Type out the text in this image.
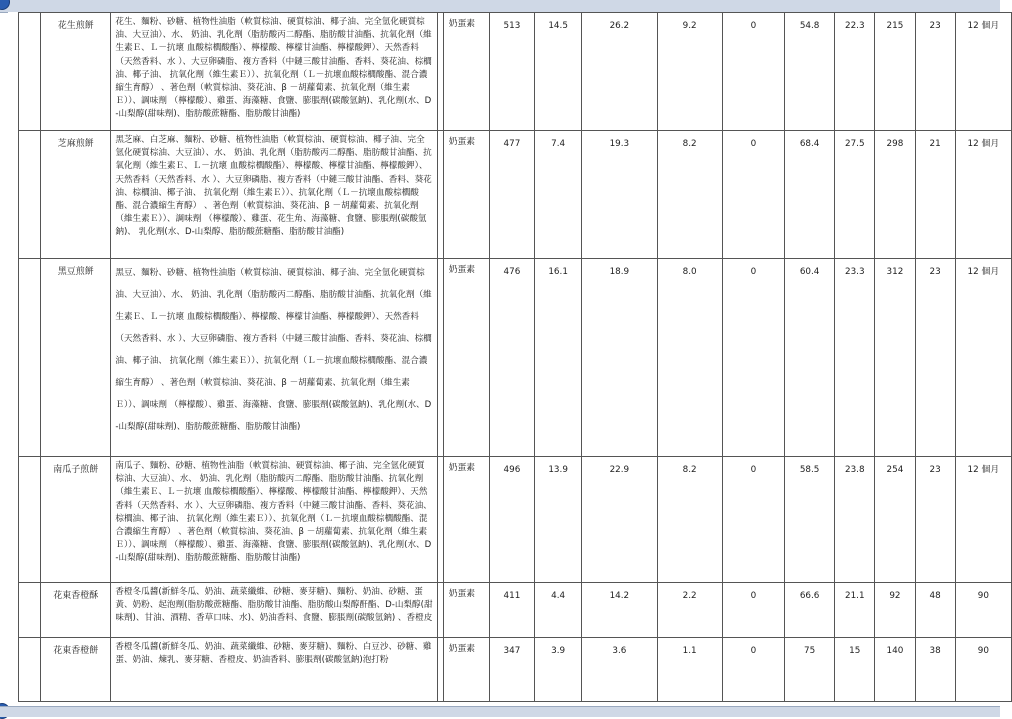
	花生煎餅	花生、麵粉、砂糖、植物性油脂（軟質棕油、硬質棕油、椰子油、完全氫化硬質棕油、大豆油）、水、 奶油、乳化劑（脂肪酸丙二醇酯、脂肪酸甘油酯、抗氧化劑（維生素Ｅ、Ｌ－抗壞 血酸棕櫚酸酯）、檸檬酸、檸檬甘油酯、檸檬酸鉀）、天然香料（天然香料、水 ）、大豆卵磷脂、複方香料（中鏈三酸甘油酯、香料、葵花油、棕櫚油、椰子油、 抗氧化劑（維生素Ｅ））、抗氧化劑（Ｌ－抗壞血酸棕櫚酸酯、混合濃縮生育醇） 、著色劑（軟質棕油、葵花油、β －胡蘿蔔素、抗氧化劑（維生素Ｅ））、調味劑 （檸檬酸）、雞蛋、海藻糖、食鹽、膨脹劑(碳酸氫鈉)、乳化劑(水、D-山梨醇(甜味劑)、脂肪酸蔗糖酯、脂肪酸甘油酯)		奶蛋素	513	14.5	26.2	9.2	0	54.8	22.3	215	23	12 個月
	芝麻煎餅	黑芝麻、白芝麻、麵粉、砂糖、植物性油脂（軟質棕油、硬質棕油、椰子油、完全氫化硬質棕油、大豆油）、水、 奶油、乳化劑（脂肪酸丙二醇酯、脂肪酸甘油酯、抗氧化劑（維生素Ｅ、Ｌ－抗壞 血酸棕櫚酸酯）、檸檬酸、檸檬甘油酯、檸檬酸鉀）、天然香料（天然香料、水 ）、大豆卵磷脂、複方香料（中鏈三酸甘油酯、香料、葵花油、棕櫚油、椰子油、 抗氧化劑（維生素Ｅ））、抗氧化劑（Ｌ－抗壞血酸棕櫚酸酯、混合濃縮生育醇） 、著色劑（軟質棕油、葵花油、β －胡蘿蔔素、抗氧化劑（維生素Ｅ））、調味劑 （檸檬酸）、雞蛋、花生角、海藻糖、食鹽、膨脹劑(碳酸氫鈉)、 乳化劑(水、D-山梨醇、脂肪酸蔗糖酯、脂肪酸甘油酯)		奶蛋素	477	7.4	19.3	8.2	0	68.4	27.5	298	21	12 個月
	黑豆煎餅	黑豆、麵粉、砂糖、植物性油脂（軟質棕油、硬質棕油、椰子油、完全氫化硬質棕油、大豆油）、水、 奶油、乳化劑（脂肪酸丙二醇酯、脂肪酸甘油酯、抗氧化劑（維生素Ｅ、Ｌ－抗壞 血酸棕櫚酸酯）、檸檬酸、檸檬甘油酯、檸檬酸鉀）、天然香料（天然香料、水 ）、大豆卵磷脂、複方香料（中鏈三酸甘油酯、香料、葵花油、棕櫚油、椰子油、 抗氧化劑（維生素Ｅ））、抗氧化劑（Ｌ－抗壞血酸棕櫚酸酯、混合濃縮生育醇） 、著色劑（軟質棕油、葵花油、β －胡蘿蔔素、抗氧化劑（維生素Ｅ））、調味劑 （檸檬酸）、雞蛋、海藻糖、食鹽、膨脹劑(碳酸氫鈉)、乳化劑(水、D-山梨醇(甜味劑)、脂肪酸蔗糖酯、脂肪酸甘油酯)		奶蛋素	476	16.1	18.9	8.0	0	60.4	23.3	312	23	12 個月
	南瓜子煎餅	南瓜子、麵粉、砂糖、植物性油脂（軟質棕油、硬質棕油、椰子油、完全氫化硬質棕油、大豆油）、水、 奶油、乳化劑（脂肪酸丙二醇酯、脂肪酸甘油酯、抗氧化劑（維生素Ｅ、Ｌ－抗壞 血酸棕櫚酸酯）、檸檬酸、檸檬酸甘油酯、檸檬酸鉀）、天然香料（天然香料、水 ）、大豆卵磷脂、複方香料（中鏈三酸甘油酯、香料、葵花油、棕櫚油、椰子油、 抗氧化劑（維生素Ｅ））、抗氧化劑（Ｌ－抗壞血酸棕櫚酸酯、混合濃縮生育醇） 、著色劑（軟質棕油、葵花油、β －胡蘿蔔素、抗氧化劑（維生素Ｅ））、調味劑 （檸檬酸）、雞蛋、海藻糖、食鹽、膨脹劑(碳酸氫鈉)、乳化劑(水、D-山梨醇(甜味劑)、脂肪酸蔗糖酯、脂肪酸甘油酯)		奶蛋素	496	13.9	22.9	8.2	0	58.5	23.8	254	23	12 個月
	花東香橙酥	香橙冬瓜醬(新鮮冬瓜、奶油、蔬菜纖維、砂糖、麥芽糖)、麵粉、奶油、砂糖、蛋黃、奶粉、起泡劑(脂肪酸蔗糖酯、脂肪酸甘油酯、脂肪酸山梨醇酐酯、D-山梨醇(甜味劑)、甘油、酒精、香草口味、水)、奶油香料、食鹽、膨脹劑(碳酸氫鈉) 、香橙皮		奶蛋素	411	4.4	14.2	2.2	0	66.6	21.1	92	48	90
	花東香橙餅	香橙冬瓜醬(新鮮冬瓜、奶油、蔬菜纖維、砂糖、麥芽糖)、麵粉、白豆沙、砂糖、雞蛋、奶油、煉乳、麥芽糖、香橙皮、奶油香料、膨脹劑(碳酸氫鈉)泡打粉		奶蛋素	347	3.9	3.6	1.1	0	75	15	140	38	90
